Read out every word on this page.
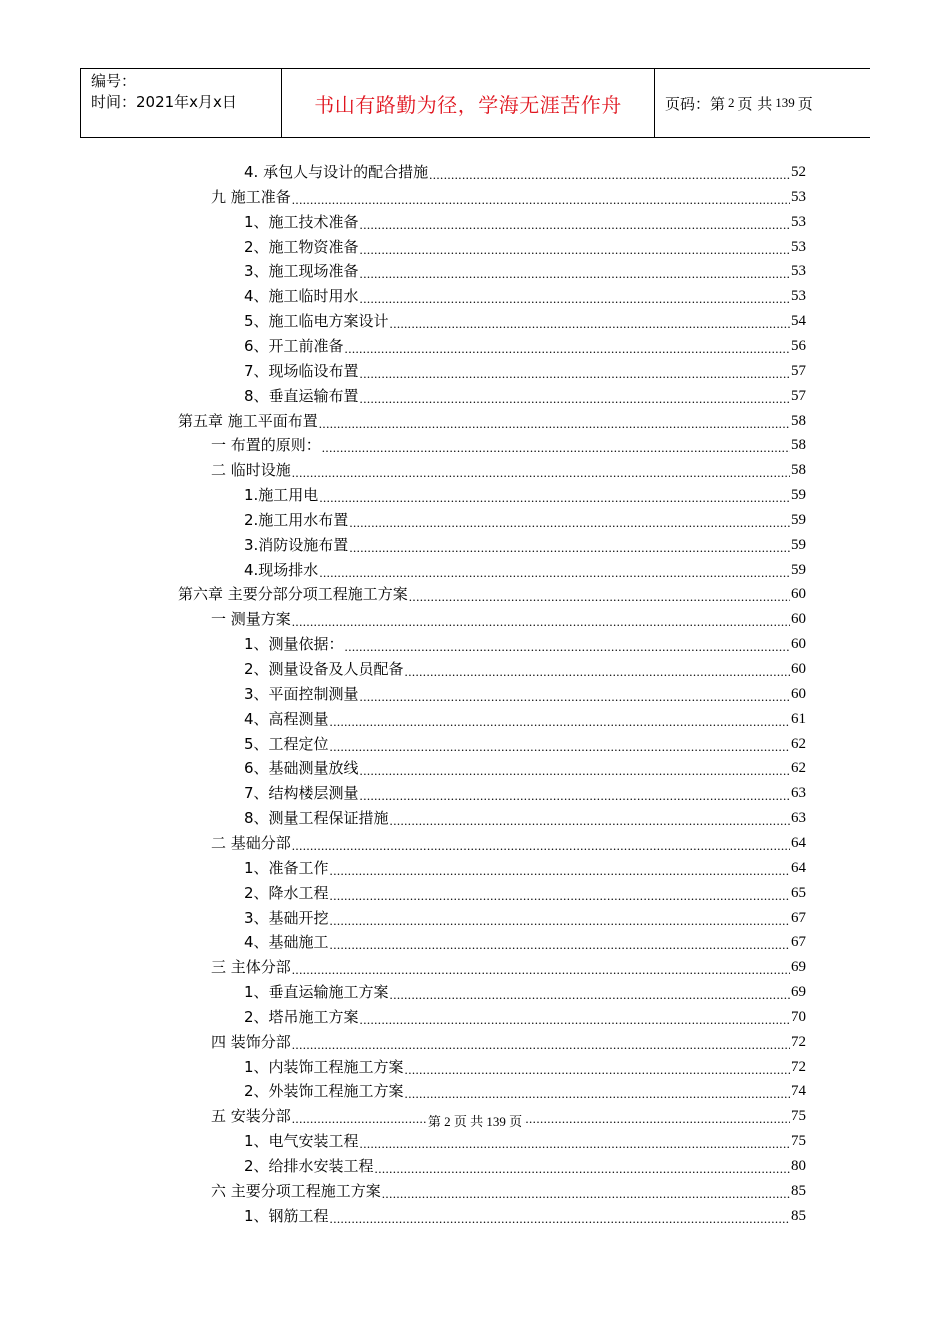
编号：
时间：2021年x月x日	书山有路勤为径，学海无涯苦作舟	页码：第 2 页 共 139 页
4. 承包人与设计的配合措施 .....	52
九 施工准备 .....	53
1、施工技术准备 .....	53
2、施工物资准备 .....	53
3、施工现场准备 .....	53
4、施工临时用水 .....	53
5、施工临电方案设计 .....	54
6、开工前准备 .....	56
7、现场临设布置 .....	57
8、垂直运输布置 .....	57
第五章 施工平面布置 .....	58
一 布置的原则： .....	58
二 临时设施 .....	58
1.施工用电 .....	59
2.施工用水布置 .....	59
3.消防设施布置 .....	59
4.现场排水 .....	59
第六章 主要分部分项工程施工方案 .....	60
一 测量方案 .....	60
1、测量依据： .....	60
2、测量设备及人员配备 .....	60
3、平面控制测量 .....	60
4、高程测量 .....	61
5、工程定位 .....	62
6、基础测量放线 .....	62
7、结构楼层测量 .....	63
8、测量工程保证措施 .....	63
二 基础分部 .....	64
1、准备工作 .....	64
2、降水工程 .....	65
3、基础开挖 .....	67
4、基础施工 .....	67
三 主体分部 .....	69
1、垂直运输施工方案 .....	69
2、塔吊施工方案 .....	70
四 装饰分部 .....	72
1、内装饰工程施工方案 .....	72
2、外装饰工程施工方案 .....	74
五 安装分部 .....	75
1、电气安装工程 .....	75
2、给排水安装工程 .....	80
六 主要分项工程施工方案 .....	85
1、钢筋工程 .....	85
第 2 页 共 139 页
